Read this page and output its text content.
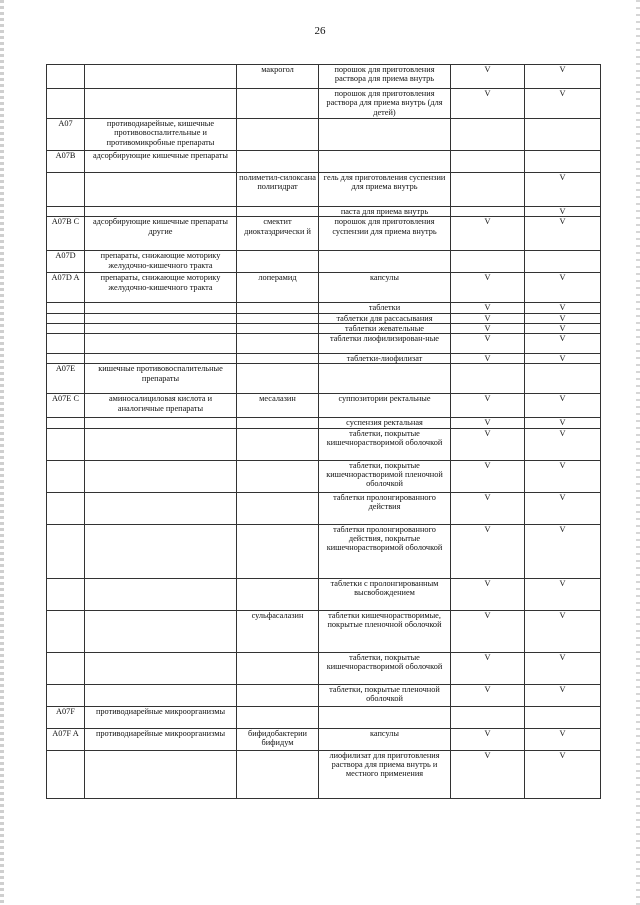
26
		макрогол	порошок для приготовления раствора для приема внутрь	V	V
			порошок для приготовления раствора для приема внутрь (для детей)	V	V
A07	противодиарейные, кишечные противовоспалительные и противомикробные препараты				
A07B	адсорбирующие кишечные препараты				
		полиметил-силоксана полигидрат	гель для приготовления суспензии для приема внутрь		V
			паста для приема внутрь		V
A07B C	адсорбирующие кишечные препараты другие	смектит диоктаэдрически й	порошок для приготовления суспензии для приема внутрь	V	V
A07D	препараты, снижающие моторику желудочно-кишечного тракта				
A07D A	препараты, снижающие моторику желудочно-кишечного тракта	лоперамид	капсулы	V	V
			таблетки	V	V
			таблетки для рассасывания	V	V
			таблетки жевательные	V	V
			таблетки лиофилизирован-ные	V	V
			таблетки-лиофилизат	V	V
A07E	кишечные противовоспалительные препараты				
A07E C	аминосалициловая кислота и аналогичные препараты	месалазин	суппозитории ректальные	V	V
			суспензия ректальная	V	V
			таблетки, покрытые кишечнорастворимой оболочкой	V	V
			таблетки, покрытые кишечнорастворимой пленочной оболочкой	V	V
			таблетки пролонгированного действия	V	V
			таблетки пролонгированного действия, покрытые кишечнорастворимой оболочкой	V	V
			таблетки с пролонгированным высвобождением	V	V
		сульфасалазин	таблетки кишечнорастворимые, покрытые пленочной оболочкой	V	V
			таблетки, покрытые кишечнорастворимой оболочкой	V	V
			таблетки, покрытые пленочной оболочкой	V	V
A07F	противодиарейные микроорганизмы				
A07F A	противодиарейные микроорганизмы	бифидобактерии бифидум	капсулы	V	V
			лиофилизат для приготовления раствора для приема внутрь и местного применения	V	V
